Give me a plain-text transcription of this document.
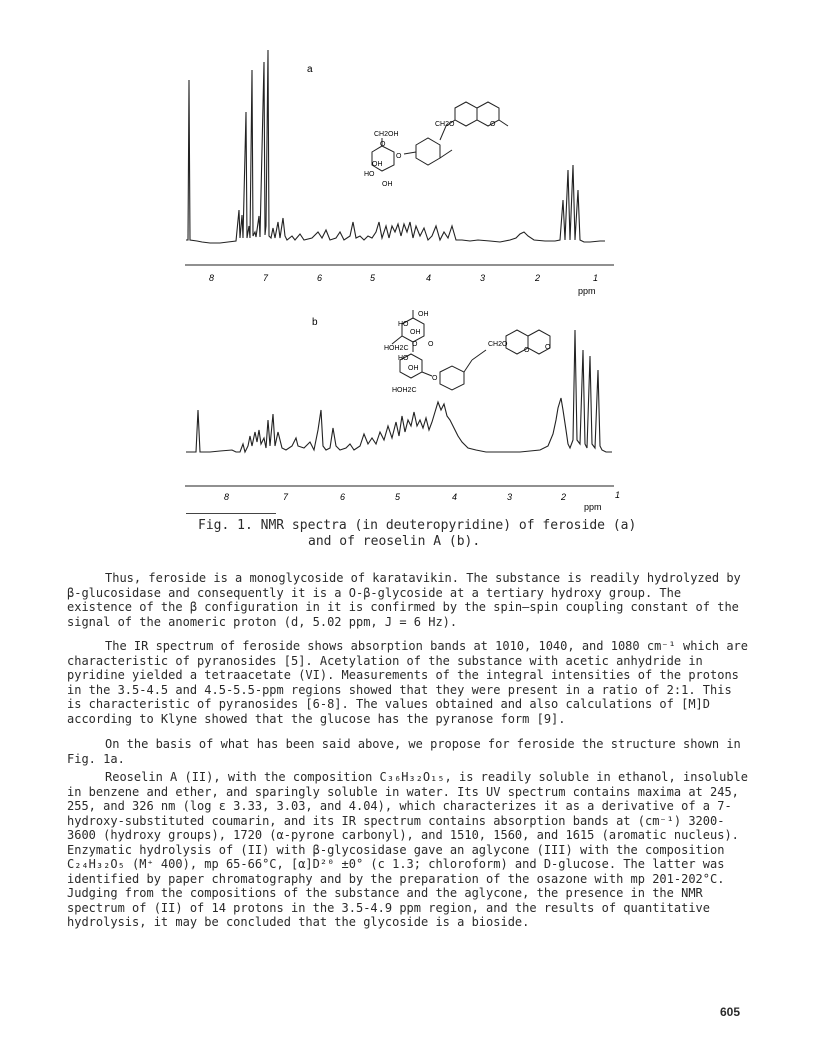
a
CH2O
CH2OH
O
OH
HO
OH
O
O
8	7	6	5	4	3	2	1
ppm
b
OH
HO
OH
HOH2C
O O
HO
OH
HOH2C
O
CH2O
O O
8	7	6	5	4	3	2	1
ppm
Fig. 1. NMR spectra (in deuteropyridine) of feroside (a)
and of reoselin A (b).

Thus, feroside is a monoglycoside of karatavikin. The substance is readily hydrolyzed by β-glucosidase and consequently it is a O-β-glycoside at a tertiary hydroxy group. The existence of the β configuration in it is confirmed by the spin—spin coupling constant of the signal of the anomeric proton (d, 5.02 ppm, J = 6 Hz).

The IR spectrum of feroside shows absorption bands at 1010, 1040, and 1080 cm⁻¹ which are characteristic of pyranosides [5]. Acetylation of the substance with acetic anhydride in pyridine yielded a tetraacetate (VI). Measurements of the integral intensities of the protons in the 3.5-4.5 and 4.5-5.5-ppm regions showed that they were present in a ratio of 2:1. This is characteristic of pyranosides [6-8]. The values obtained and also calculations of [M]D according to Klyne showed that the glucose has the pyranose form [9].

On the basis of what has been said above, we propose for feroside the structure shown in Fig. 1a.

Reoselin A (II), with the composition C₃₆H₃₂O₁₅, is readily soluble in ethanol, insoluble in benzene and ether, and sparingly soluble in water. Its UV spectrum contains maxima at 245, 255, and 326 nm (log ε 3.33, 3.03, and 4.04), which characterizes it as a derivative of a 7-hydroxy-substituted coumarin, and its IR spectrum contains absorption bands at (cm⁻¹) 3200-3600 (hydroxy groups), 1720 (α-pyrone carbonyl), and 1510, 1560, and 1615 (aromatic nucleus). Enzymatic hydrolysis of (II) with β-glycosidase gave an aglycone (III) with the composition C₂₄H₃₂O₅ (M⁺ 400), mp 65-66°C, [α]D²⁰ ±0° (c 1.3; chloroform) and D-glucose. The latter was identified by paper chromatography and by the preparation of the osazone with mp 201-202°C. Judging from the compositions of the substance and the aglycone, the presence in the NMR spectrum of (II) of 14 protons in the 3.5-4.9 ppm region, and the results of quantitative hydrolysis, it may be concluded that the glycoside is a bioside.

605
